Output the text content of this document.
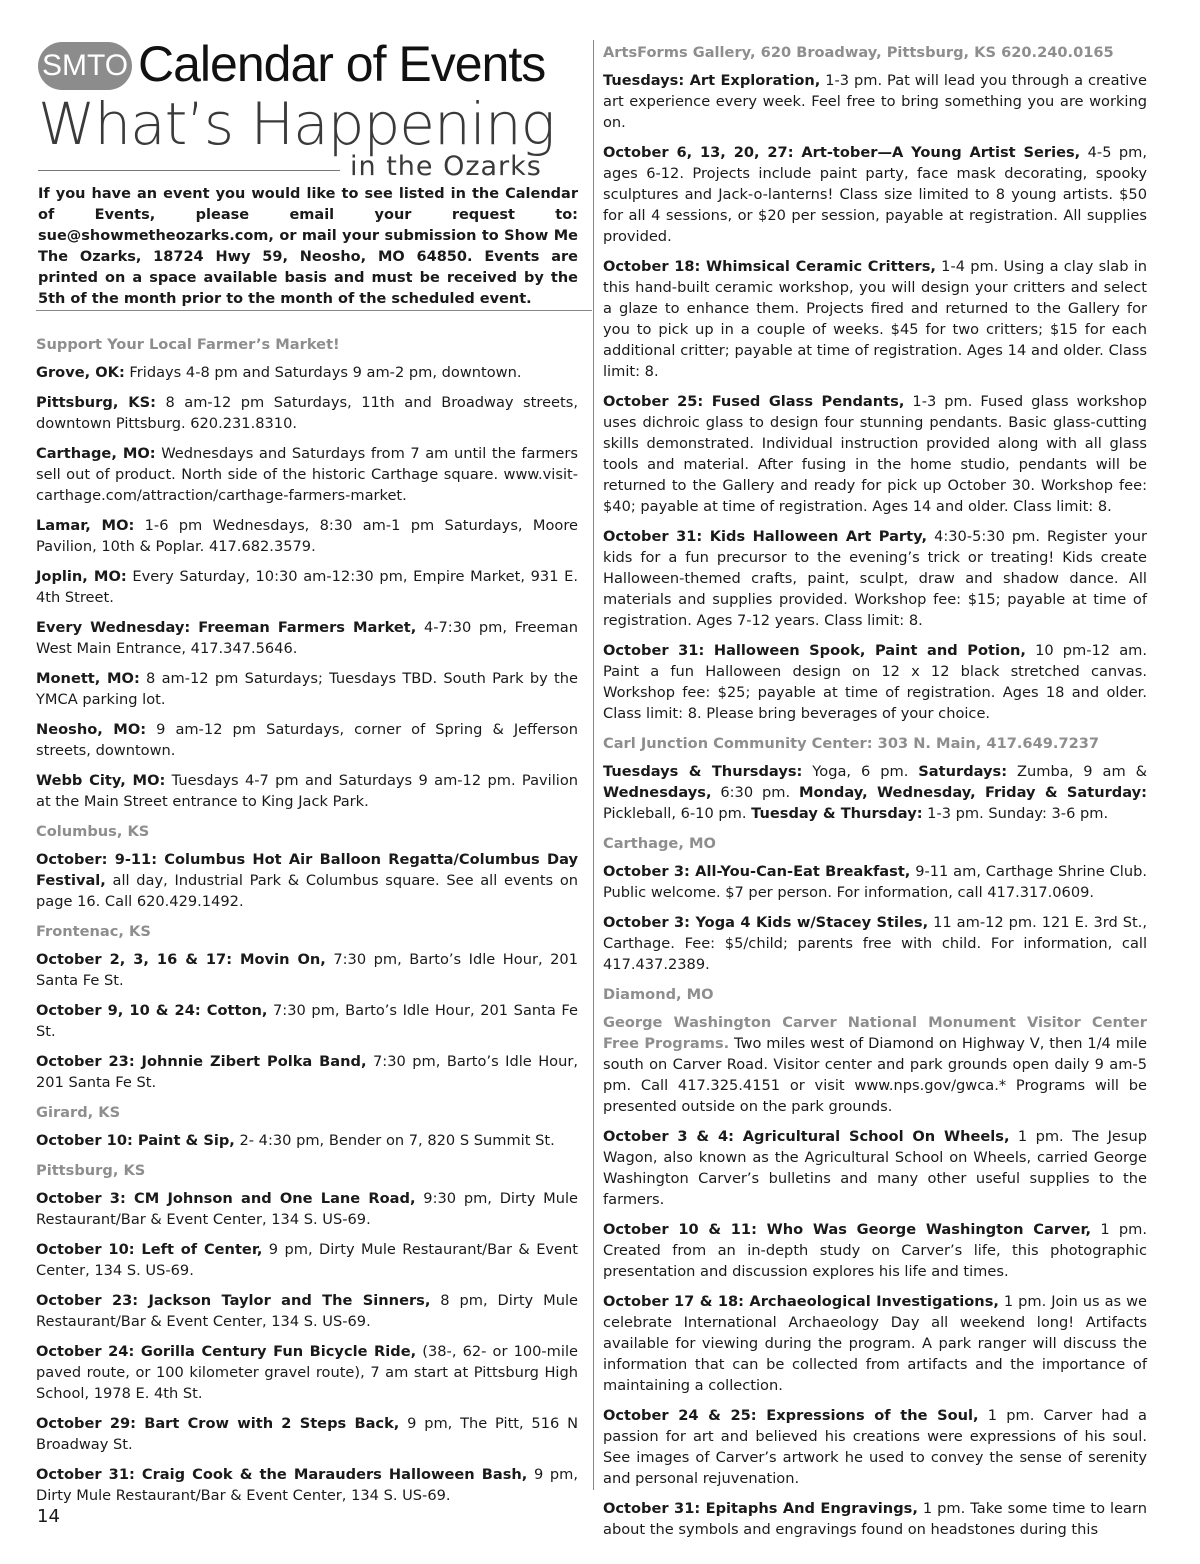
SMTO Calendar of Events
What’s Happening
in the Ozarks

If you have an event you would like to see listed in the Calendar of Events, please email your request to: sue@showmetheozarks.com, or mail your submission to Show Me The Ozarks, 18724 Hwy 59, Neosho, MO 64850. Events are printed on a space available basis and must be received by the 5th of the month prior to the month of the scheduled event.

Support Your Local Farmer’s Market!

Grove, OK: Fridays 4-8 pm and Saturdays 9 am-2 pm, downtown.

Pittsburg, KS: 8 am-12 pm Saturdays, 11th and Broadway streets, downtown Pittsburg. 620.231.8310.

Carthage, MO: Wednesdays and Saturdays from 7 am until the farmers sell out of product. North side of the historic Carthage square. www.visit-carthage.com/attraction/carthage-farmers-market.

Lamar, MO: 1-6 pm Wednesdays, 8:30 am-1 pm Saturdays, Moore Pavilion, 10th & Poplar. 417.682.3579.

Joplin, MO: Every Saturday, 10:30 am-12:30 pm, Empire Market, 931 E. 4th Street.

Every Wednesday: Freeman Farmers Market, 4-7:30 pm, Freeman West Main Entrance, 417.347.5646.

Monett, MO: 8 am-12 pm Saturdays; Tuesdays TBD. South Park by the YMCA parking lot.

Neosho, MO: 9 am-12 pm Saturdays, corner of Spring & Jefferson streets, downtown.

Webb City, MO: Tuesdays 4-7 pm and Saturdays 9 am-12 pm. Pavilion at the Main Street entrance to King Jack Park.

Columbus, KS

October: 9-11: Columbus Hot Air Balloon Regatta/Columbus Day Festival, all day, Industrial Park & Columbus square. See all events on page 16. Call 620.429.1492.

Frontenac, KS

October 2, 3, 16 & 17: Movin On, 7:30 pm, Barto’s Idle Hour, 201 Santa Fe St.

October 9, 10 & 24: Cotton, 7:30 pm, Barto’s Idle Hour, 201 Santa Fe St.

October 23: Johnnie Zibert Polka Band, 7:30 pm, Barto’s Idle Hour, 201 Santa Fe St.

Girard, KS

October 10: Paint & Sip, 2- 4:30 pm, Bender on 7, 820 S Summit St.

Pittsburg, KS

October 3: CM Johnson and One Lane Road, 9:30 pm, Dirty Mule Restaurant/Bar & Event Center, 134 S. US-69.

October 10: Left of Center, 9 pm, Dirty Mule Restaurant/Bar & Event Center, 134 S. US-69.

October 23: Jackson Taylor and The Sinners, 8 pm, Dirty Mule Restaurant/Bar & Event Center, 134 S. US-69.

October 24: Gorilla Century Fun Bicycle Ride, (38-, 62- or 100-mile paved route, or 100 kilometer gravel route), 7 am start at Pittsburg High School, 1978 E. 4th St.

October 29: Bart Crow with 2 Steps Back, 9 pm, The Pitt, 516 N Broadway St.

October 31: Craig Cook & the Marauders Halloween Bash, 9 pm, Dirty Mule Restaurant/Bar & Event Center, 134 S. US-69.

ArtsForms Gallery, 620 Broadway, Pittsburg, KS 620.240.0165

Tuesdays: Art Exploration, 1-3 pm. Pat will lead you through a creative art experience every week. Feel free to bring something you are working on.

October 6, 13, 20, 27: Art-tober—A Young Artist Series, 4-5 pm, ages 6-12. Projects include paint party, face mask decorating, spooky sculptures and Jack-o-lanterns! Class size limited to 8 young artists. $50 for all 4 sessions, or $20 per session, payable at registration. All supplies provided.

October 18: Whimsical Ceramic Critters, 1-4 pm. Using a clay slab in this hand-built ceramic workshop, you will design your critters and select a glaze to enhance them. Projects fired and returned to the Gallery for you to pick up in a couple of weeks. $45 for two critters; $15 for each additional critter; payable at time of registration. Ages 14 and older. Class limit: 8.

October 25: Fused Glass Pendants, 1-3 pm. Fused glass workshop uses dichroic glass to design four stunning pendants. Basic glass-cutting skills demonstrated. Individual instruction provided along with all glass tools and material. After fusing in the home studio, pendants will be returned to the Gallery and ready for pick up October 30. Workshop fee: $40; payable at time of registration. Ages 14 and older. Class limit: 8.

October 31: Kids Halloween Art Party, 4:30-5:30 pm. Register your kids for a fun precursor to the evening’s trick or treating! Kids create Halloween-themed crafts, paint, sculpt, draw and shadow dance. All materials and supplies provided. Workshop fee: $15; payable at time of registration. Ages 7-12 years. Class limit: 8.

October 31: Halloween Spook, Paint and Potion, 10 pm-12 am. Paint a fun Halloween design on 12 x 12 black stretched canvas. Workshop fee: $25; payable at time of registration. Ages 18 and older. Class limit: 8. Please bring beverages of your choice.

Carl Junction Community Center: 303 N. Main, 417.649.7237

Tuesdays & Thursdays: Yoga, 6 pm. Saturdays: Zumba, 9 am & Wednesdays, 6:30 pm. Monday, Wednesday, Friday & Saturday: Pickleball, 6-10 pm. Tuesday & Thursday: 1-3 pm. Sunday: 3-6 pm.

Carthage, MO

October 3: All-You-Can-Eat Breakfast, 9-11 am, Carthage Shrine Club. Public welcome. $7 per person. For information, call 417.317.0609.

October 3: Yoga 4 Kids w/Stacey Stiles, 11 am-12 pm. 121 E. 3rd St., Carthage. Fee: $5/child; parents free with child. For information, call 417.437.2389.

Diamond, MO

George Washington Carver National Monument Visitor Center Free Programs. Two miles west of Diamond on Highway V, then 1/4 mile south on Carver Road. Visitor center and park grounds open daily 9 am-5 pm. Call 417.325.4151 or visit www.nps.gov/gwca.* Programs will be presented outside on the park grounds.

October 3 & 4: Agricultural School On Wheels, 1 pm. The Jesup Wagon, also known as the Agricultural School on Wheels, carried George Washington Carver’s bulletins and many other useful supplies to the farmers.

October 10 & 11: Who Was George Washington Carver, 1 pm. Created from an in-depth study on Carver’s life, this photographic presentation and discussion explores his life and times.

October 17 & 18: Archaeological Investigations, 1 pm. Join us as we celebrate International Archaeology Day all weekend long! Artifacts available for viewing during the program. A park ranger will discuss the information that can be collected from artifacts and the importance of maintaining a collection.

October 24 & 25: Expressions of the Soul, 1 pm. Carver had a passion for art and believed his creations were expressions of his soul. See images of Carver’s artwork he used to convey the sense of serenity and personal rejuvenation.

October 31: Epitaphs And Engravings, 1 pm. Take some time to learn about the symbols and engravings found on headstones during this

14
